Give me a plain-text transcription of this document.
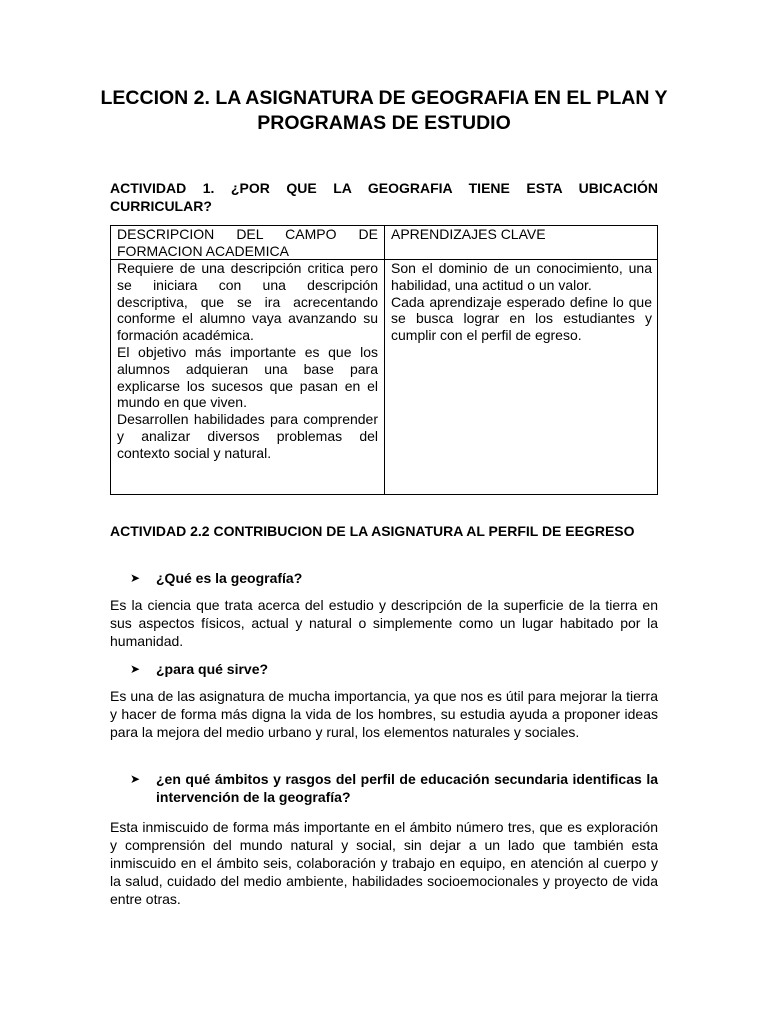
LECCION 2. LA ASIGNATURA DE GEOGRAFIA EN EL PLAN Y PROGRAMAS DE ESTUDIO

ACTIVIDAD 1. ¿POR QUE LA GEOGRAFIA TIENE ESTA UBICACIÓN CURRICULAR?

DESCRIPCION DEL CAMPO DE FORMACION ACADEMICA
APRENDIZAJES CLAVE

Requiere de una descripción critica pero se iniciara con una descripción descriptiva, que se ira acrecentando conforme el alumno vaya avanzando su formación académica.

El objetivo más importante es que los alumnos adquieran una base para explicarse los sucesos que pasan en el mundo en que viven.

Desarrollen habilidades para comprender y analizar diversos problemas del contexto social y natural.

Son el dominio de un conocimiento, una habilidad, una actitud o un valor.

Cada aprendizaje esperado define lo que se busca lograr en los estudiantes y cumplir con el perfil de egreso.

ACTIVIDAD 2.2 CONTRIBUCION DE LA ASIGNATURA AL PERFIL DE EEGRESO

➤ ¿Qué es la geografía?

Es la ciencia que trata acerca del estudio y descripción de la superficie de la tierra en sus aspectos físicos, actual y natural o simplemente como un lugar habitado por la humanidad.

➤ ¿para qué sirve?

Es una de las asignatura de mucha importancia, ya que nos es útil para mejorar la tierra y hacer de forma más digna la vida de los hombres, su estudia ayuda a proponer ideas para la mejora del medio urbano y rural, los elementos naturales y sociales.

➤ ¿en qué ámbitos y rasgos del perfil de educación secundaria identificas la intervención de la geografía?

Esta inmiscuido de forma más importante en el ámbito número tres, que es exploración y comprensión del mundo natural y social, sin dejar a un lado que también esta inmiscuido en el ámbito seis, colaboración y trabajo en equipo, en atención al cuerpo y la salud, cuidado del medio ambiente, habilidades socioemocionales y proyecto de vida entre otras.
